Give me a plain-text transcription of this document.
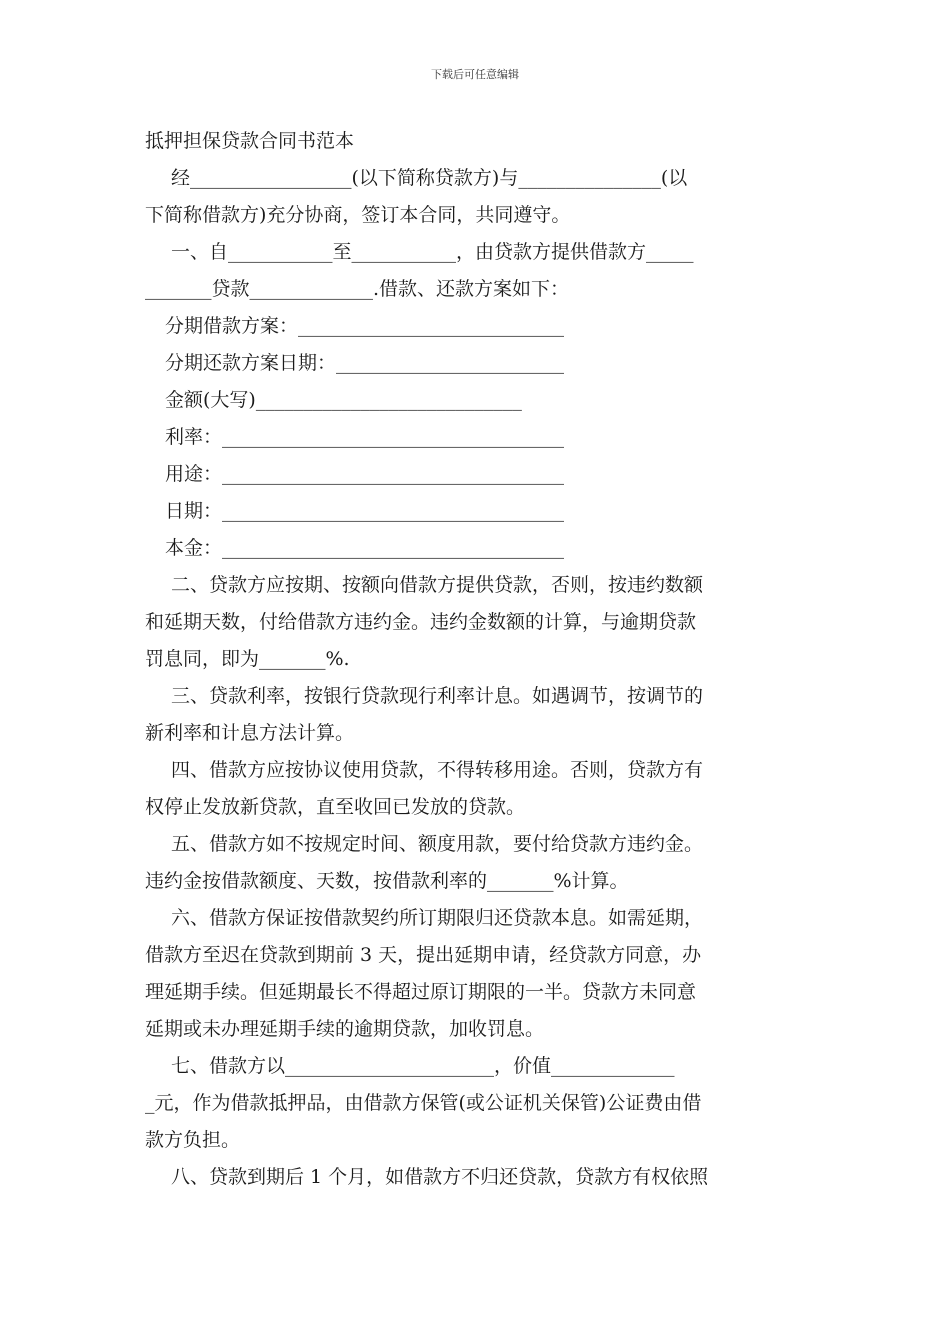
下载后可任意编辑

抵押担保贷款合同书范本

经_________________(以下简称贷款方)与_______________(以

下简称借款方)充分协商，签订本合同，共同遵守。

一、自___________至___________，由贷款方提供借款方_____

_______贷款_____________.借款、还款方案如下：

分期借款方案：____________________________

分期还款方案日期：________________________

金额(大写)____________________________

利率：____________________________________

用途：____________________________________

日期：____________________________________

本金：____________________________________

二、贷款方应按期、按额向借款方提供贷款，否则，按违约数额

和延期天数，付给借款方违约金。违约金数额的计算，与逾期贷款

罚息同，即为_______%.

三、贷款利率，按银行贷款现行利率计息。如遇调节，按调节的

新利率和计息方法计算。

四、借款方应按协议使用贷款，不得转移用途。否则，贷款方有

权停止发放新贷款，直至收回已发放的贷款。

五、借款方如不按规定时间、额度用款，要付给贷款方违约金。

违约金按借款额度、天数，按借款利率的_______%计算。

六、借款方保证按借款契约所订期限归还贷款本息。如需延期，

借款方至迟在贷款到期前 3 天，提出延期申请，经贷款方同意，办

理延期手续。但延期最长不得超过原订期限的一半。贷款方未同意

延期或未办理延期手续的逾期贷款，加收罚息。

七、借款方以______________________，价值_____________

_元，作为借款抵押品，由借款方保管(或公证机关保管)公证费由借

款方负担。

八、贷款到期后 1 个月，如借款方不归还贷款，贷款方有权依照
